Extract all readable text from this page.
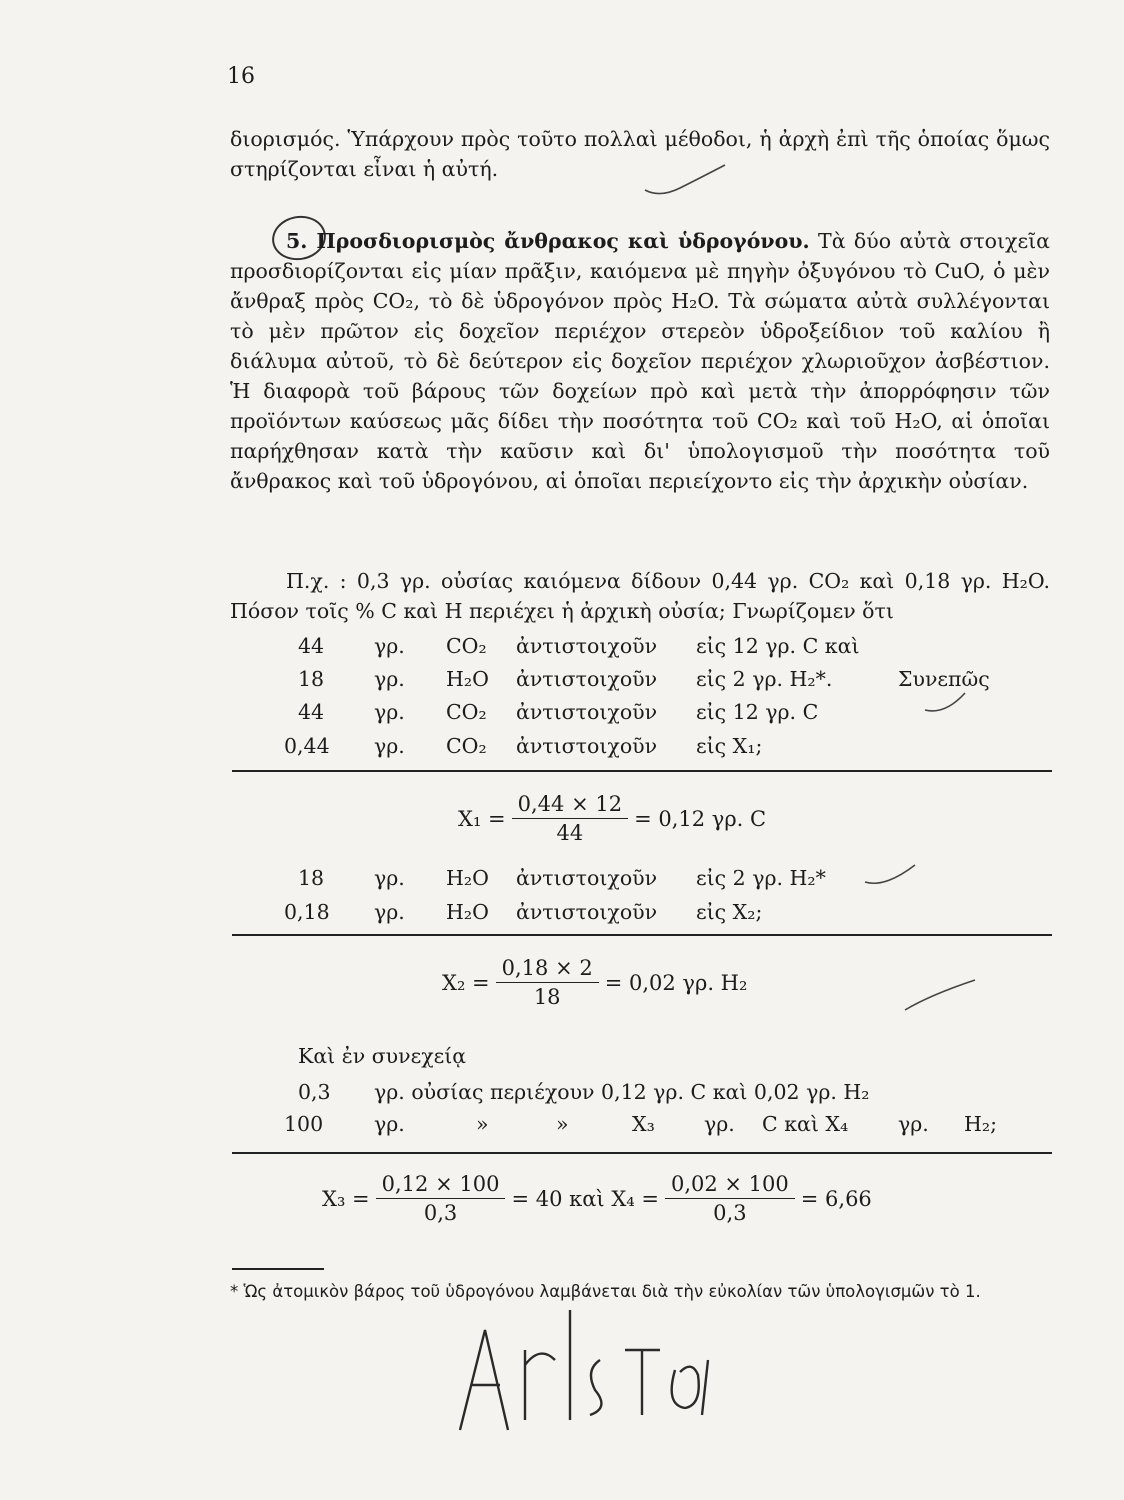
16

διορισμός. Ὑπάρχουν πρὸς τοῦτο πολλαὶ μέθοδοι, ἡ ἀρχὴ ἐπὶ τῆς ὁποίας ὅμως στηρίζονται εἶναι ἡ αὐτή.

5. Προσδιορισμὸς ἄνθρακος καὶ ὑδρογόνου. Τὰ δύο αὐτὰ στοιχεῖα προσδιορίζονται εἰς μίαν πρᾶξιν, καιόμενα μὲ πηγὴν ὀξυγόνου τὸ CuO, ὁ μὲν ἄνθραξ πρὸς CO₂, τὸ δὲ ὑδρογόνον πρὸς H₂O. Τὰ σώματα αὐτὰ συλλέγονται τὸ μὲν πρῶτον εἰς δοχεῖον περιέχον στερεὸν ὑδροξείδιον τοῦ καλίου ἢ διάλυμα αὐτοῦ, τὸ δὲ δεύτερον εἰς δοχεῖον περιέχον χλωριοῦχον ἀσβέστιον. Ἡ διαφορὰ τοῦ βάρους τῶν δοχείων πρὸ καὶ μετὰ τὴν ἀπορρόφησιν τῶν προϊόντων καύσεως μᾶς δίδει τὴν ποσότητα τοῦ CO₂ καὶ τοῦ H₂O, αἱ ὁποῖαι παρήχθησαν κατὰ τὴν καῦσιν καὶ δι' ὑπολογισμοῦ τὴν ποσότητα τοῦ ἄνθρακος καὶ τοῦ ὑδρογόνου, αἱ ὁποῖαι περιείχοντο εἰς τὴν ἀρχικὴν οὐσίαν.

Π.χ. : 0,3 γρ. οὐσίας καιόμενα δίδουν 0,44 γρ. CO₂ καὶ 0,18 γρ. H₂O. Πόσον τοῖς % C καὶ H περιέχει ἡ ἀρχικὴ οὐσία; Γνωρίζομεν ὅτι

44 γρ. CO₂ ἀντιστοιχοῦν εἰς 12 γρ. C καὶ
18 γρ. H₂O ἀντιστοιχοῦν εἰς 2 γρ. H₂*.	Συνεπῶς
44 γρ. CO₂ ἀντιστοιχοῦν εἰς 12 γρ. C
0,44 γρ. CO₂ ἀντιστοιχοῦν εἰς X₁;
$X_1 = \frac{0,44 \times 12}{44} = 0,12$ γρ. C
18 γρ. H₂O ἀντιστοιχοῦν εἰς 2 γρ. H₂*
0,18 γρ. H₂O ἀντιστοιχοῦν εἰς X₂;
$X_2 = \frac{0,18 \times 2}{18} = 0,02$ γρ. H₂
Καὶ ἐν συνεχείᾳ
0,3 γρ. οὐσίας περιέχουν 0,12 γρ. C καὶ 0,02 γρ. H₂
100 γρ.	»	»	X₃ γρ. C καὶ X₄ γρ. H₂;
$X_3 = \frac{0,12 \times 100}{0,3} = 40$ καὶ $X_4 = \frac{0,02 \times 100}{0,3} = 6,66$
* Ὡς ἀτομικὸν βάρος τοῦ ὑδρογόνου λαμβάνεται διὰ τὴν εὐκολίαν τῶν ὑπολογισμῶν τὸ 1.
